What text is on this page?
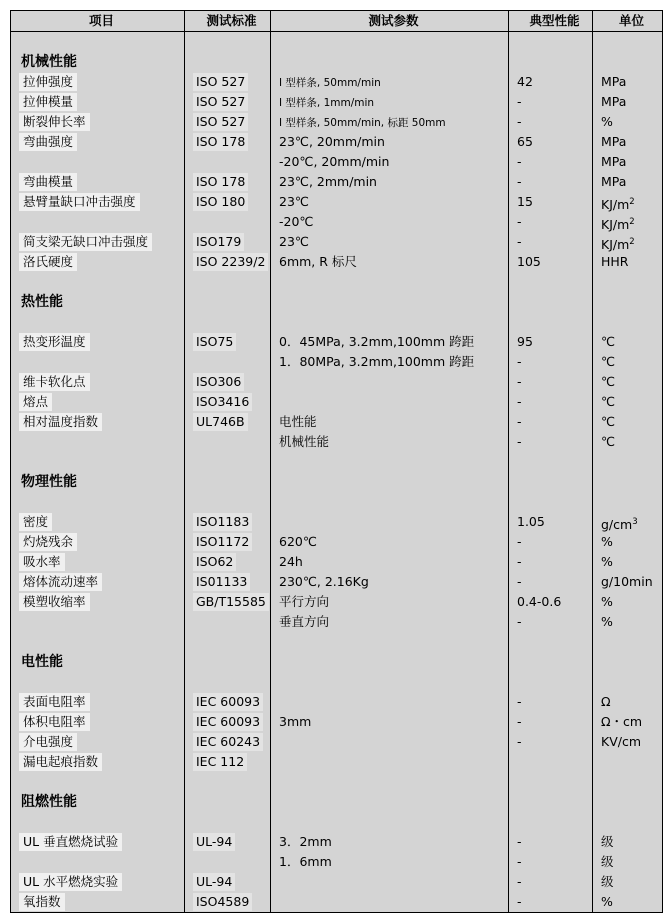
项目	测试标准	测试参数	典型性能	单位

机械性能				

拉伸强度	ISO 527	I 型样条, 50mm/min	42	MPa

拉伸模量	ISO 527	I 型样条, 1mm/min	-	MPa

断裂伸长率	ISO 527	I 型样条, 50mm/min, 标距 50mm	-	%

弯曲强度	ISO 178	23℃, 20mm/min	65	MPa

		-20℃, 20mm/min	-	MPa

弯曲模量	ISO 178	23℃, 2mm/min	-	MPa

悬臂量缺口冲击强度	ISO 180	23℃	15	$KJ/m^2$

		-20℃	-	$KJ/m^2$

简支梁无缺口冲击强度	ISO179	23℃	-	$KJ/m^2$

洛氏硬度	ISO 2239/2	6mm, R 标尺	105	HHR

热性能				

热变形温度	ISO75	0．45MPa, 3.2mm,100mm 跨距	95	℃

		1．80MPa, 3.2mm,100mm 跨距	-	℃

维卡软化点	ISO306		-	℃

熔点	ISO3416		-	℃

相对温度指数	UL746B	电性能	-	℃

		机械性能	-	℃

物理性能				

密度	ISO1183		1.05	$g/cm^3$

灼烧残余	ISO1172	620℃	-	%

吸水率	ISO62	24h	-	%

熔体流动速率	IS01133	230℃, 2.16Kg	-	g/10min

模塑收缩率	GB/T15585	平行方向	0.4-0.6	%

		垂直方向	-	%

电性能				

表面电阻率	IEC 60093		-	Ω

体积电阻率	IEC 60093	3mm	-	Ω・cm

介电强度	IEC 60243		-	KV/cm

漏电起痕指数	IEC 112			

阻燃性能				

UL 垂直燃烧试验	UL-94	3．2mm	-	级

		1．6mm	-	级

UL 水平燃烧实验	UL-94		-	级

氧指数	ISO4589		-	%
